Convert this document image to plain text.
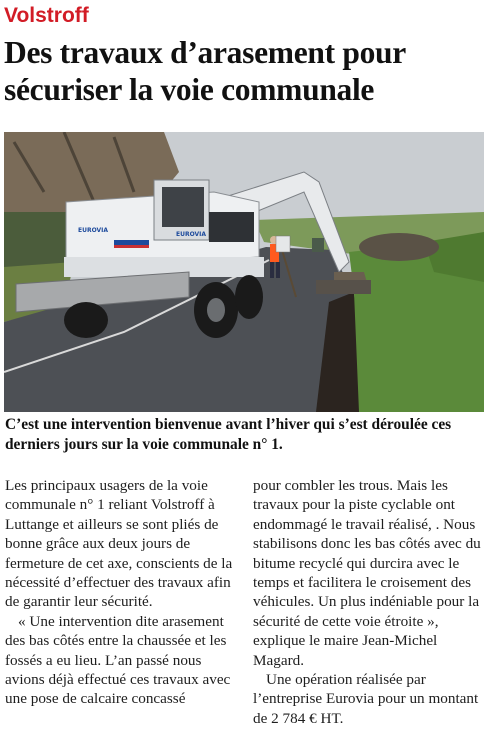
Volstroff
Des travaux d’arasement pour sécuriser la voie communale
EUROVIA
EUROVIA

C’est une intervention bienvenue avant l’hiver qui s’est déroulée ces derniers jours sur la voie communale n° 1.

Les principaux usagers de la voie communale n° 1 reliant Volstroff à Luttange et ailleurs se sont pliés de bonne grâce aux deux jours de fermeture de cet axe, conscients de la nécessité d’effectuer des travaux afin de garantir leur sécurité.

« Une intervention dite arasement des bas côtés entre la chaussée et les fossés a eu lieu. L’an passé nous avions déjà effectué ces travaux avec une pose de calcaire concassé

pour combler les trous. Mais les travaux pour la piste cyclable ont endommagé le travail réalisé, . Nous stabilisons donc les bas côtés avec du bitume recyclé qui durcira avec le temps et facilitera le croisement des véhicules. Un plus indéniable pour la sécurité de cette voie étroite », explique le maire Jean-Michel Magard.

Une opération réalisée par l’entreprise Eurovia pour un montant de 2 784 € HT.
